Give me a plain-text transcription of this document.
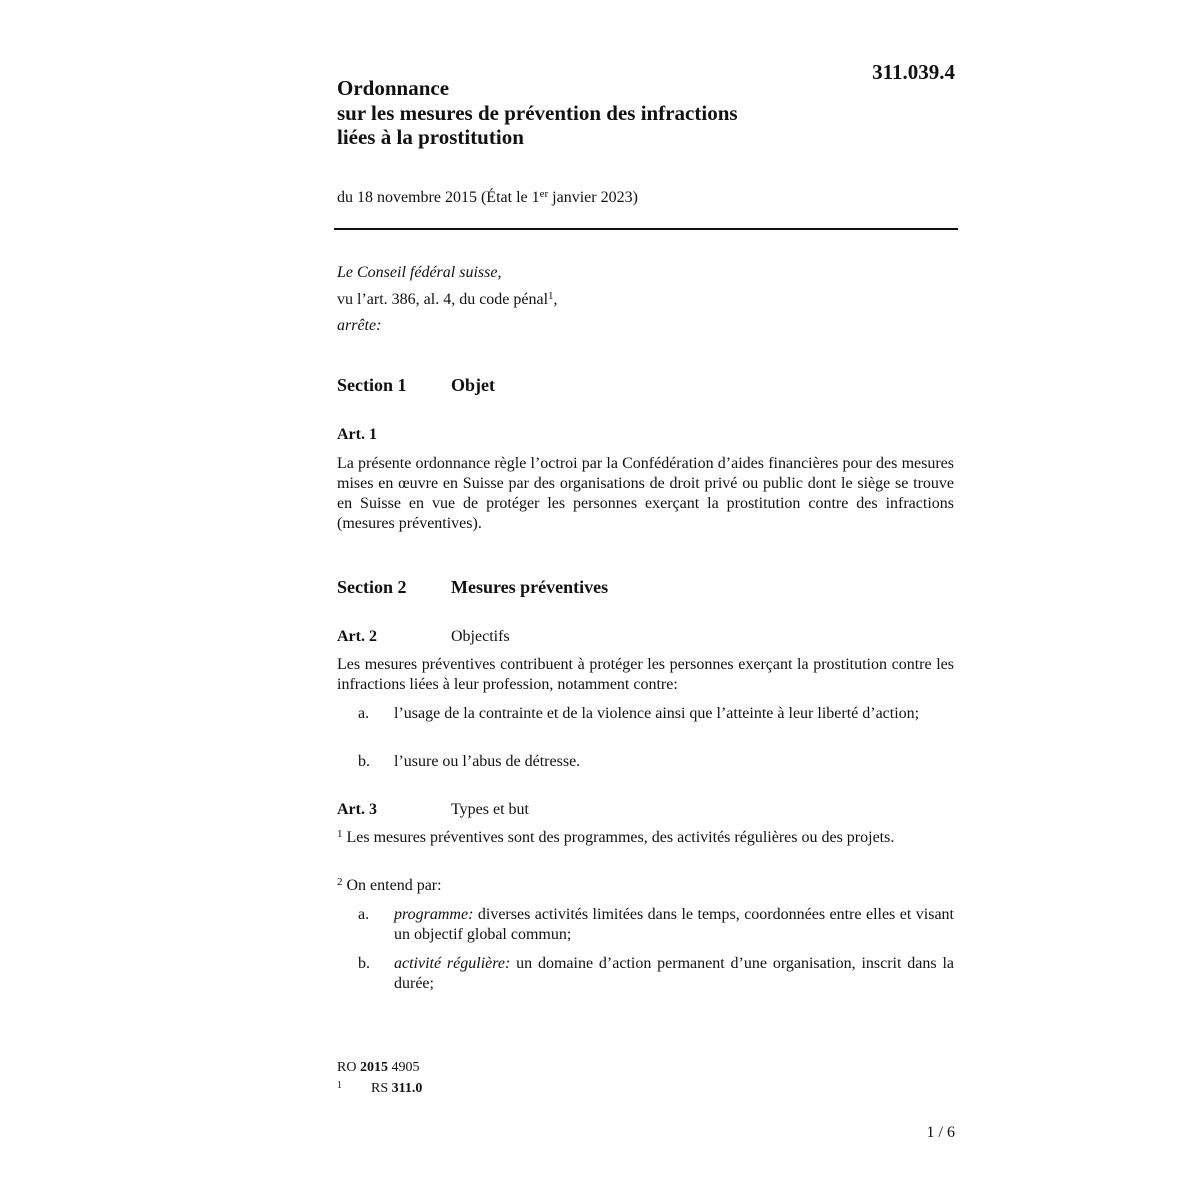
311.039.4
Ordonnance
sur les mesures de prévention des infractions
liées à la prostitution
du 18 novembre 2015 (État le 1er janvier 2023)
Le Conseil fédéral suisse,
vu l’art. 386, al. 4, du code pénal$^1$,
arrête:
Section 1 Objet
Art. 1
La présente ordonnance règle l’octroi par la Confédération d’aides financières pour des mesures mises en œuvre en Suisse par des organisations de droit privé ou public dont le siège se trouve en Suisse en vue de protéger les personnes exerçant la prostitution contre des infractions (mesures préventives).
Section 2 Mesures préventives
Art. 2	Objectifs
Les mesures préventives contribuent à protéger les personnes exerçant la prostitution contre les infractions liées à leur profession, notamment contre:
a. l’usage de la contrainte et de la violence ainsi que l’atteinte à leur liberté d’action;
b. l’usure ou l’abus de détresse.
Art. 3	Types et but
$^1$ Les mesures préventives sont des programmes, des activités régulières ou des projets.
$^2$ On entend par:
a. programme: diverses activités limitées dans le temps, coordonnées entre elles et visant un objectif global commun;
b. activité régulière: un domaine d’action permanent d’une organisation, inscrit dans la durée;
RO 2015 4905
1 RS 311.0
1 / 6
